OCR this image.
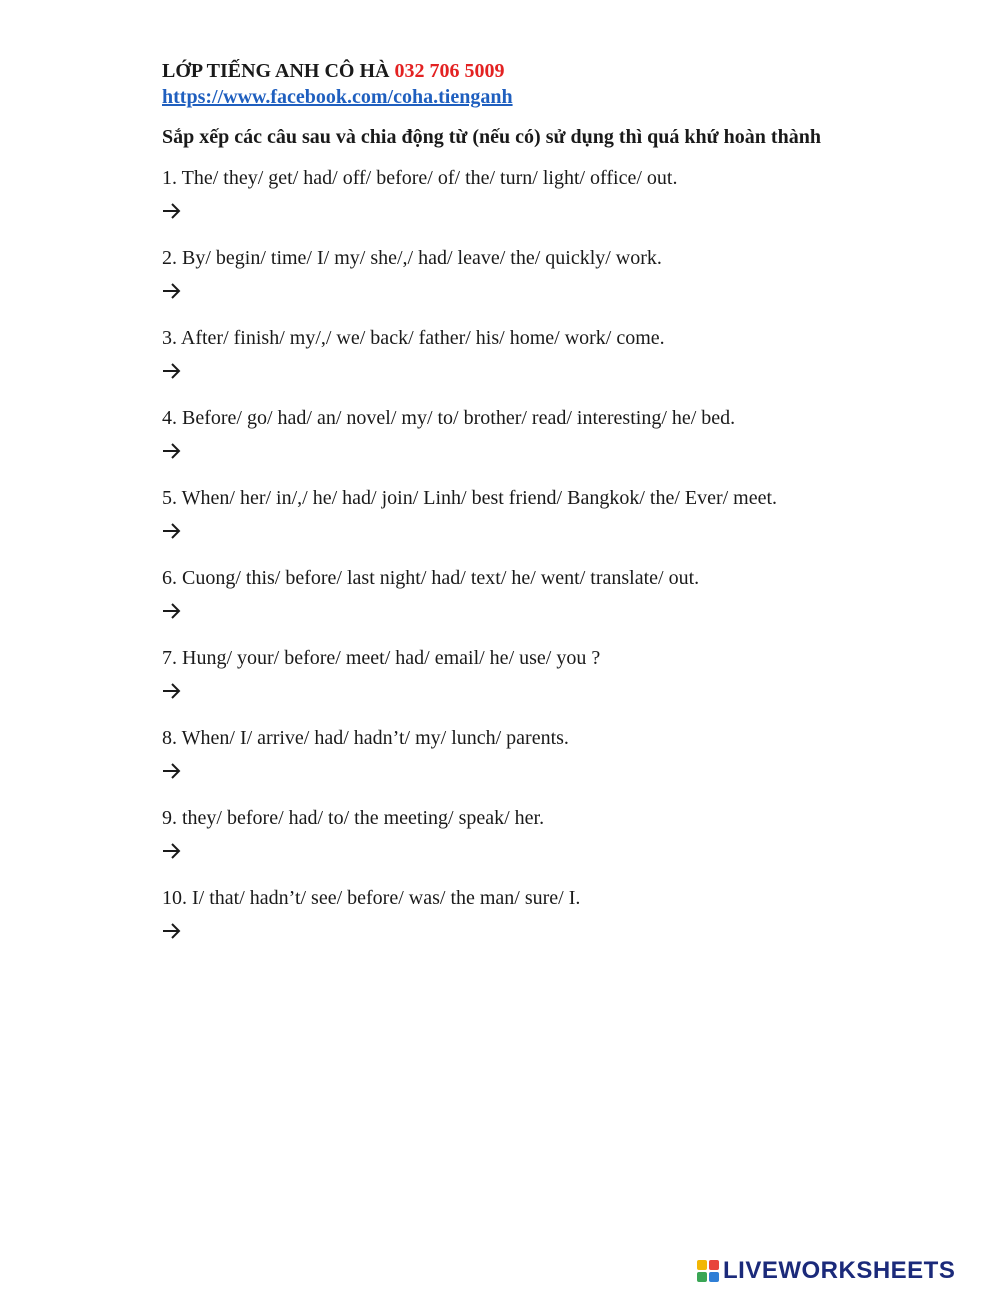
LỚP TIẾNG ANH CÔ HÀ 032 706 5009

https://www.facebook.com/coha.tienganh

Sắp xếp các câu sau và chia động từ (nếu có) sử dụng thì quá khứ hoàn thành

1. The/ they/ get/ had/ off/ before/ of/ the/ turn/ light/ office/ out.
2. By/ begin/ time/ I/ my/ she/,/ had/ leave/ the/ quickly/ work.
3. After/ finish/ my/,/ we/ back/ father/ his/ home/ work/ come.
4. Before/ go/ had/ an/ novel/ my/ to/ brother/ read/ interesting/ he/ bed.
5. When/ her/ in/,/ he/ had/ join/ Linh/ best friend/ Bangkok/ the/ Ever/ meet.
6. Cuong/ this/ before/ last night/ had/ text/ he/ went/ translate/ out.
7. Hung/ your/ before/ meet/ had/ email/ he/ use/ you ?
8. When/ I/ arrive/ had/ hadn’t/ my/ lunch/ parents.
9. they/ before/ had/ to/ the meeting/ speak/ her.
10. I/ that/ hadn’t/ see/ before/ was/ the man/ sure/ I.
LIVEWORKSHEETS
